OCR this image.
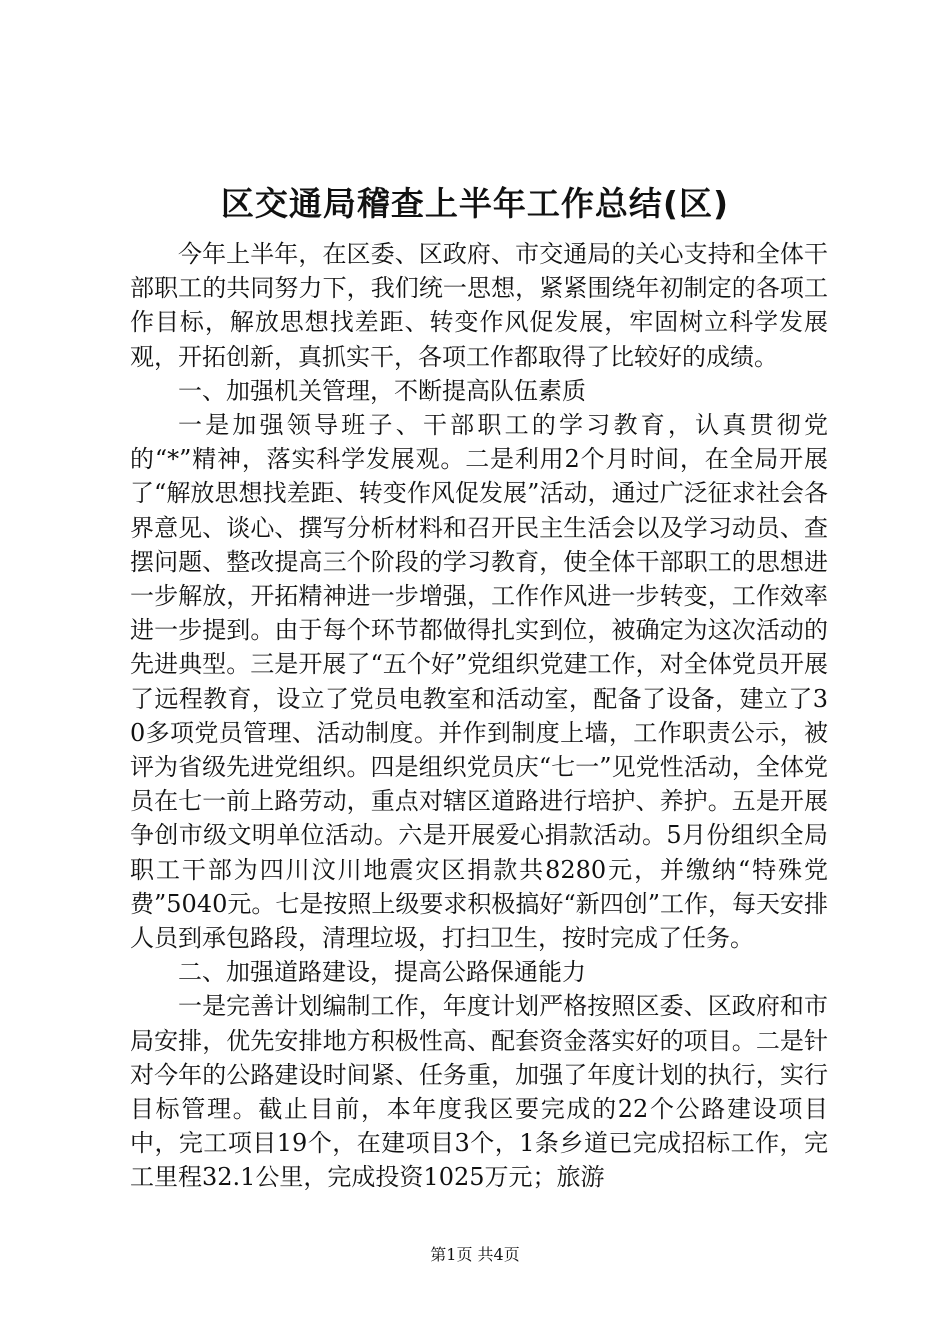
区交通局稽查上半年工作总结(区)

今年上半年，在区委、区政府、市交通局的关心支持和全体干部职工的共同努力下，我们统一思想，紧紧围绕年初制定的各项工作目标，解放思想找差距、转变作风促发展，牢固树立科学发展观，开拓创新，真抓实干，各项工作都取得了比较好的成绩。

一、加强机关管理，不断提高队伍素质

一是加强领导班子、干部职工的学习教育，认真贯彻党的“*”精神，落实科学发展观。二是利用2个月时间，在全局开展了“解放思想找差距、转变作风促发展”活动，通过广泛征求社会各界意见、谈心、撰写分析材料和召开民主生活会以及学习动员、查摆问题、整改提高三个阶段的学习教育，使全体干部职工的思想进一步解放，开拓精神进一步增强，工作作风进一步转变，工作效率进一步提到。由于每个环节都做得扎实到位，被确定为这次活动的先进典型。三是开展了“五个好”党组织党建工作，对全体党员开展了远程教育，设立了党员电教室和活动室，配备了设备，建立了30多项党员管理、活动制度。并作到制度上墙，工作职责公示，被评为省级先进党组织。四是组织党员庆“七一”见党性活动，全体党员在七一前上路劳动，重点对辖区道路进行培护、养护。五是开展争创市级文明单位活动。六是开展爱心捐款活动。5月份组织全局职工干部为四川汶川地震灾区捐款共8280元，并缴纳“特殊党费”5040元。七是按照上级要求积极搞好“新四创”工作，每天安排人员到承包路段，清理垃圾，打扫卫生，按时完成了任务。

二、加强道路建设，提高公路保通能力

一是完善计划编制工作，年度计划严格按照区委、区政府和市局安排，优先安排地方积极性高、配套资金落实好的项目。二是针对今年的公路建设时间紧、任务重，加强了年度计划的执行，实行目标管理。截止目前，本年度我区要完成的22个公路建设项目中，完工项目19个，在建项目3个，1条乡道已完成招标工作，完工里程32.1公里，完成投资1025万元；旅游

第1页 共4页
